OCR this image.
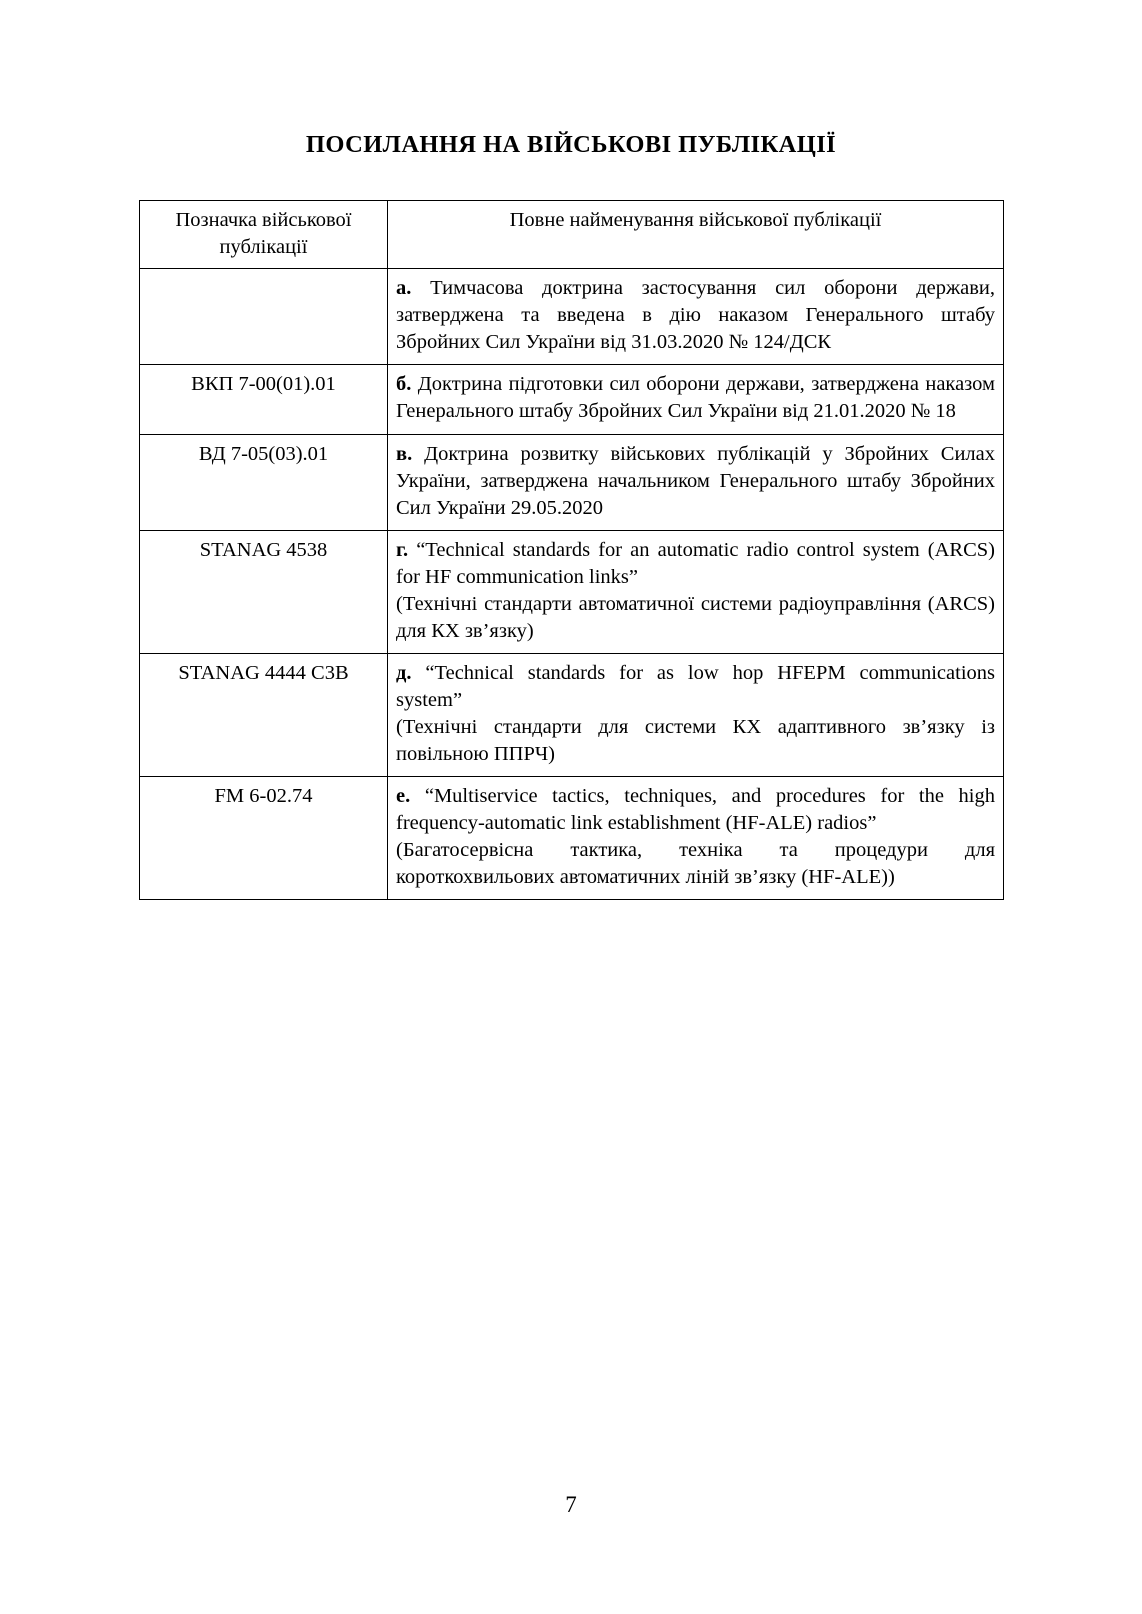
ПОСИЛАННЯ НА ВІЙСЬКОВІ ПУБЛІКАЦІЇ
Позначка військової публікації	Повне найменування військової публікації

	а. Тимчасова доктрина застосування сил оборони держави, затверджена та введена в дію наказом Генерального штабу Збройних Сил України від 31.03.2020 № 124/ДСК

ВКП 7-00(01).01	б. Доктрина підготовки сил оборони держави, затверджена наказом Генерального штабу Збройних Сил України від 21.01.2020 № 18

ВД 7-05(03).01	в. Доктрина розвитку військових публікацій у Збройних Силах України, затверджена начальником Генерального штабу Збройних Сил України 29.05.2020

STANAG 4538	г. “Technical standards for an automatic radio control system (ARCS) for HF communication links”
(Технічні стандарти автоматичної системи радіоуправління (ARCS) для КХ зв’язку)

STANAG 4444 C3B	д. “Technical standards for as low hop HFEPM communications system”
(Технічні стандарти для системи КХ адаптивного зв’язку із повільною ППРЧ)

FM 6-02.74	е. “Multiservice tactics, techniques, and procedures for the high frequency-automatic link establishment (HF-ALE) radios”
(Багатосервісна тактика, техніка та процедури для короткохвильових автоматичних ліній зв’язку (HF-ALE))
7
